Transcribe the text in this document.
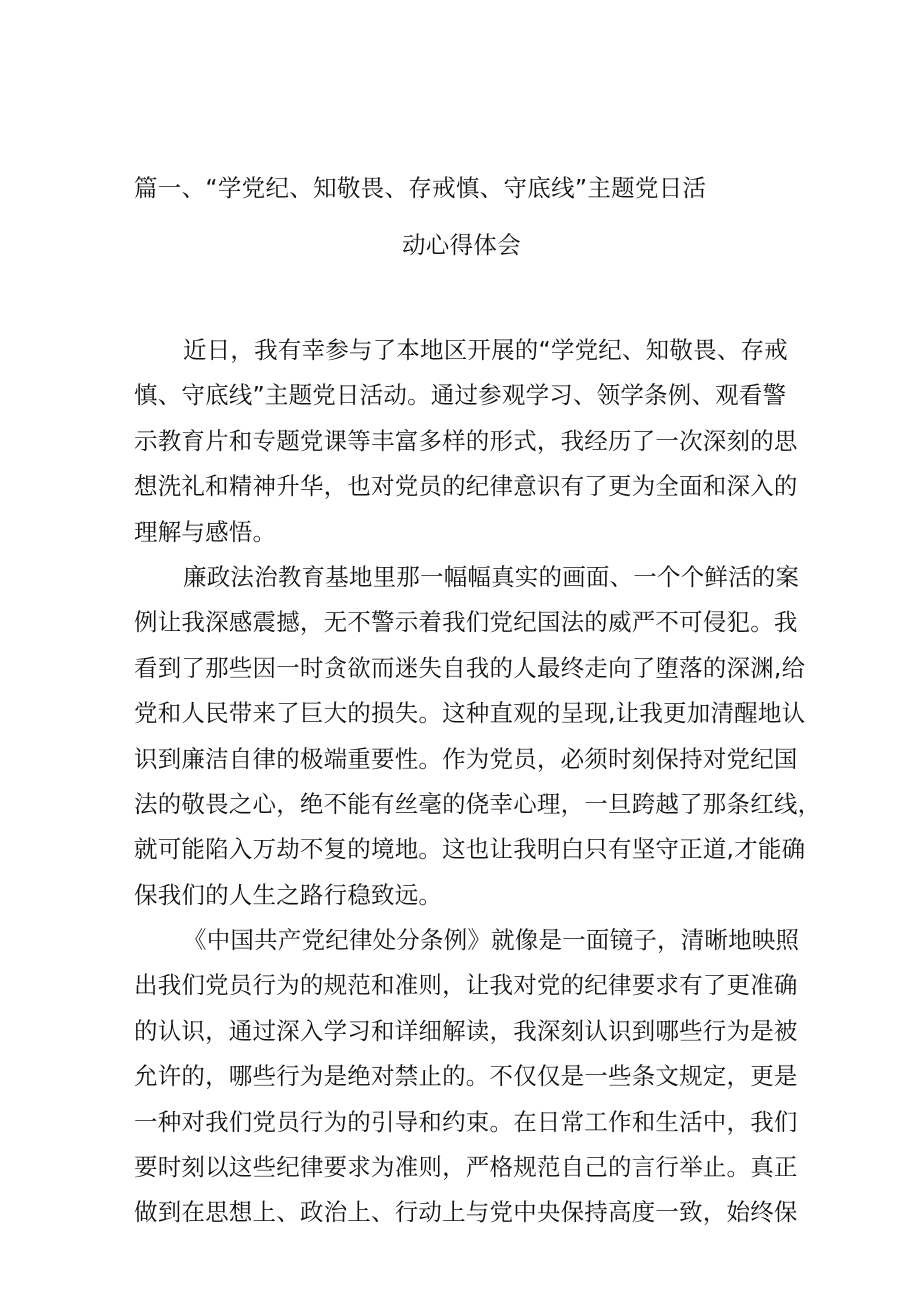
篇一、“学党纪、知敬畏、存戒慎、守底线”主题党日活
动心得体会
近日，我有幸参与了本地区开展的“学党纪、知敬畏、存戒
慎、守底线”主题党日活动。通过参观学习、领学条例、观看警
示教育片和专题党课等丰富多样的形式，我经历了一次深刻的思
想洗礼和精神升华，也对党员的纪律意识有了更为全面和深入的
理解与感悟。
廉政法治教育基地里那一幅幅真实的画面、一个个鲜活的案
例让我深感震撼，无不警示着我们党纪国法的威严不可侵犯。我
看到了那些因一时贪欲而迷失自我的人最终走向了堕落的深渊,给
党和人民带来了巨大的损失。这种直观的呈现,让我更加清醒地认
识到廉洁自律的极端重要性。作为党员，必须时刻保持对党纪国
法的敬畏之心，绝不能有丝毫的侥幸心理，一旦跨越了那条红线，
就可能陷入万劫不复的境地。这也让我明白只有坚守正道,才能确
保我们的人生之路行稳致远。
《中国共产党纪律处分条例》就像是一面镜子，清晰地映照
出我们党员行为的规范和准则，让我对党的纪律要求有了更准确
的认识，通过深入学习和详细解读，我深刻认识到哪些行为是被
允许的，哪些行为是绝对禁止的。不仅仅是一些条文规定，更是
一种对我们党员行为的引导和约束。在日常工作和生活中，我们
要时刻以这些纪律要求为准则，严格规范自己的言行举止。真正
做到在思想上、政治上、行动上与党中央保持高度一致，始终保
